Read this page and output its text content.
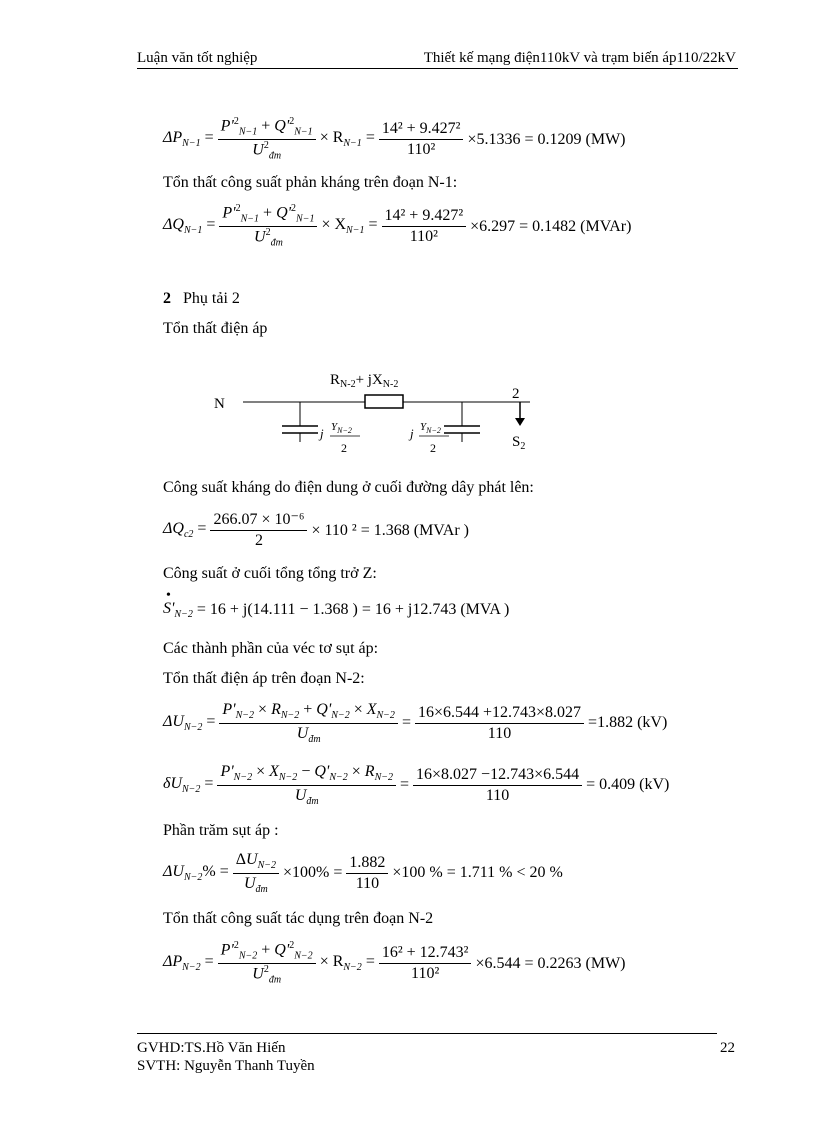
Luận văn tốt nghiệp	Thiết kế mạng điện110kV và trạm biến áp110/22kV
$\Delta P_{N-1} = \frac{P'^2_{N-1} + Q'^2_{N-1}}{U^2_{đm}} \times R_{N-1} = \frac{\text{14² + 9.427²}}{\text{110²}} \times 5.1336 = 0.1209$ (MW)
Tổn thất công suất phản kháng trên đoạn N-1:
$\Delta Q_{N-1} = \frac{P'^2_{N-1} + Q'^2_{N-1}}{U^2_{đm}} \times X_{N-1} = \frac{\text{14² + 9.427²}}{\text{110²}} \times 6.297 = 0.1482$ (MVAr)
2 Phụ tải 2
Tổn thất điện áp
$R_{N-2}+ jX_{N-2}$
N
2
$S_2$
j $Y_{N-2}$
2
j $Y_{N-2}$
2
Công suất kháng do điện dung ở cuối đường dây phát lên:
$\Delta Q_{c2} = \frac{\text{266.07 × 10⁻⁶}}{2} \times 110$ ² = 1.368 (MVAr )
Công suất ở cuối tổng tổng trở Z:
•
$S'_{N-2} = 16 + j(14.111 - 1.368$ ) = 16 + j12.743 (MVA )
Các thành phần của véc tơ sụt áp:
Tổn thất điện áp trên đoạn N-2:
$\Delta U_{N-2} = \frac{P'_{N-2} \times R_{N-2} + Q'_{N-2} \times X_{N-2}}{U_{đm}} = \frac{16\times 6.544 +12.743\times 8.027}{110} =1.882$ (kV)
$\delta U_{N-2} = \frac{P'_{N-2} \times X_{N-2} - Q'_{N-2} \times R_{N-2}}{U_{đm}} = \frac{16\times 8.027 -12.743\times 6.544}{110} = 0.409$ (kV)
Phần trăm sụt áp :
$\Delta U_{N-2}\% = \frac{\Delta U_{N-2}}{U_{đm}} \times 100\% = \frac{1.882}{110} \times 100$ % = 1.711 % < 20 %
Tổn thất công suất tác dụng trên đoạn N-2
$\Delta P_{N-2} = \frac{P'^2_{N-2} + Q'^2_{N-2}}{U^2_{đm}} \times R_{N-2} = \frac{\text{16² + 12.743²}}{\text{110²}} \times 6.544 = 0.2263$ (MW)
GVHD:TS.Hồ Văn Hiến
SVTH: Nguyễn Thanh Tuyền
22
